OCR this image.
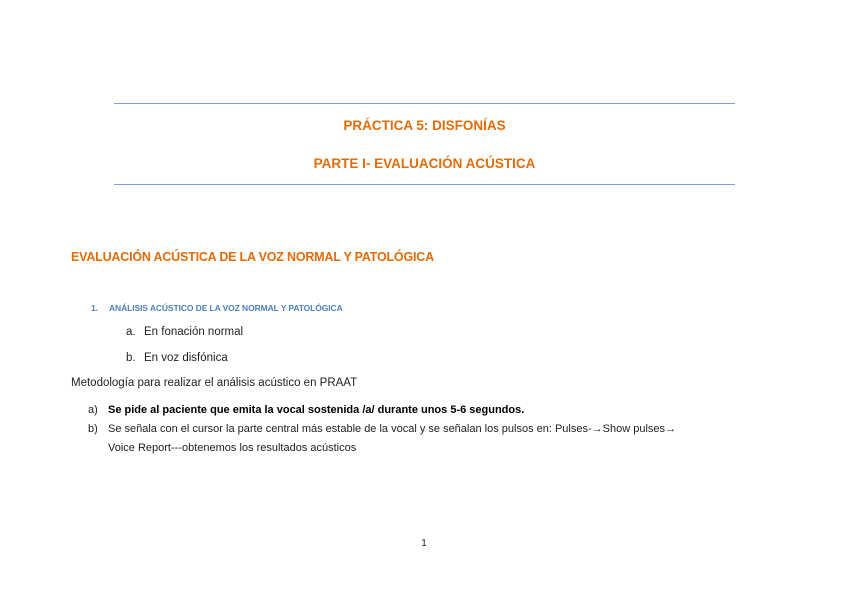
PRÁCTICA 5: DISFONÍAS
PARTE I- EVALUACIÓN ACÚSTICA
EVALUACIÓN ACÚSTICA DE LA VOZ NORMAL Y PATOLÓGICA
1. ANÁLISIS ACÚSTICO DE LA VOZ NORMAL Y PATOLÓGICA
a. En fonación normal
b. En voz disfónica
Metodología para realizar el análisis acústico en PRAAT
a) Se pide al paciente que emita la vocal sostenida /a/ durante unos 5-6 segundos.
b) Se señala con el cursor la parte central más estable de la vocal y se señalan los pulsos en: Pulses-→Show pulses→
Voice Report---obtenemos los resultados acústicos
1
